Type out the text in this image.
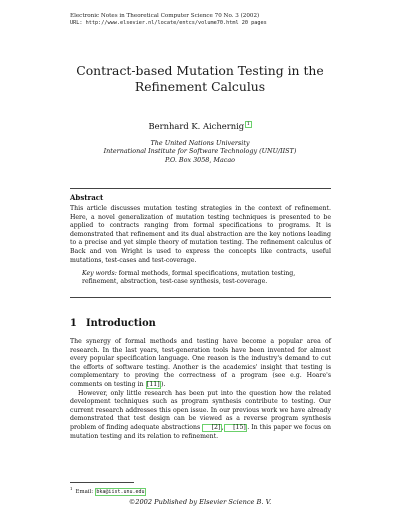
Electronic Notes in Theoretical Computer Science 70 No. 3 (2002)
URL: http://www.elsevier.nl/locate/entcs/volume70.html 20 pages
Contract-based Mutation Testing in the
Refinement Calculus
Bernhard K. Aichernig 1
The United Nations University
International Institute for Software Technology (UNU/IIST)
P.O. Box 3058, Macao
Abstract
This article discusses mutation testing strategies in the context of refinement. Here, a novel generalization of mutation testing techniques is presented to be applied to contracts ranging from formal specifications to programs. It is demonstrated that refinement and its dual abstraction are the key notions leading to a precise and yet simple theory of mutation testing. The refinement calculus of Back and von Wright is used to express the concepts like contracts, useful mutations, test-cases and test-coverage.
Key words: formal methods, formal specifications, mutation testing, refinement, abstraction, test-case synthesis, test-coverage.
1 Introduction

The synergy of formal methods and testing have become a popular area of research. In the last years, test-generation tools have been invented for almost every popular specification language. One reason is the industry's demand to cut the efforts of software testing. Another is the academics' insight that testing is complementary to proving the correctness of a program (see e.g. Hoare's comments on testing in [11]).

However, only little research has been put into the question how the related development techniques such as program synthesis contribute to testing. Our current research addresses this open issue. In our previous work we have already demonstrated that test design can be viewed as a reverse program synthesis problem of finding adequate abstractions [2], [15]. In this paper we focus on mutation testing and its relation to refinement.

$^1$Email: bka@iist.unu.edu
©2002 Published by Elsevier Science B. V.
